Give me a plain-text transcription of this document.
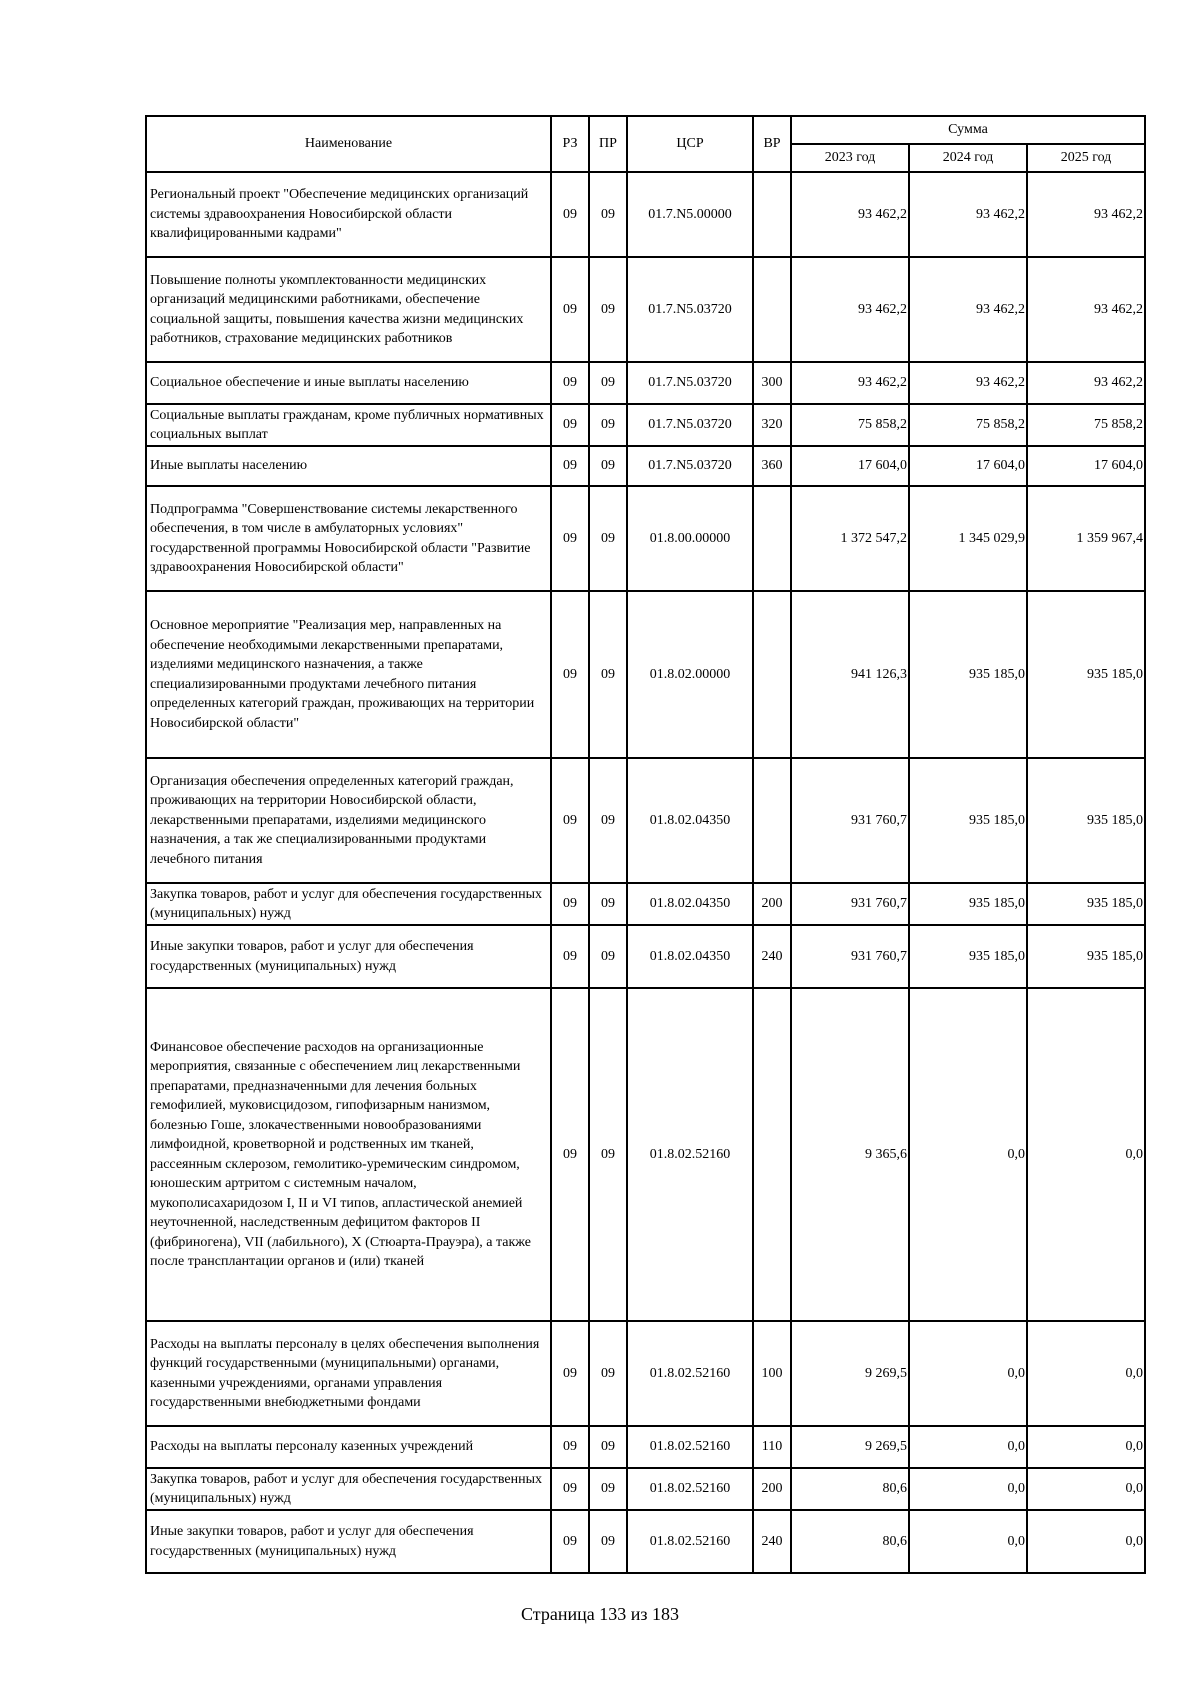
Наименование	РЗ	ПР	ЦСР	ВР	Сумма		
					2023 год	2024 год	2025 год
Региональный проект "Обеспечение медицинских организаций системы здравоохранения Новосибирской области квалифицированными кадрами"	09	09	01.7.N5.00000		93 462,2	93 462,2	93 462,2
Повышение полноты укомплектованности медицинских организаций медицинскими работниками, обеспечение социальной защиты, повышения качества жизни медицинских работников, страхование медицинских работников	09	09	01.7.N5.03720		93 462,2	93 462,2	93 462,2
Социальное обеспечение и иные выплаты населению	09	09	01.7.N5.03720	300	93 462,2	93 462,2	93 462,2
Социальные выплаты гражданам, кроме публичных нормативных социальных выплат	09	09	01.7.N5.03720	320	75 858,2	75 858,2	75 858,2
Иные выплаты населению	09	09	01.7.N5.03720	360	17 604,0	17 604,0	17 604,0
Подпрограмма "Совершенствование системы лекарственного обеспечения, в том числе в амбулаторных условиях" государственной программы Новосибирской области "Развитие здравоохранения Новосибирской области"	09	09	01.8.00.00000		1 372 547,2	1 345 029,9	1 359 967,4
Основное мероприятие "Реализация мер, направленных на обеспечение необходимыми лекарственными препаратами, изделиями медицинского назначения, а также специализированными продуктами лечебного питания определенных категорий граждан, проживающих на территории Новосибирской области"	09	09	01.8.02.00000		941 126,3	935 185,0	935 185,0
Организация обеспечения определенных категорий граждан, проживающих на территории Новосибирской области, лекарственными препаратами, изделиями медицинского назначения, а так же специализированными продуктами лечебного питания	09	09	01.8.02.04350		931 760,7	935 185,0	935 185,0
Закупка товаров, работ и услуг для обеспечения государственных (муниципальных) нужд	09	09	01.8.02.04350	200	931 760,7	935 185,0	935 185,0
Иные закупки товаров, работ и услуг для обеспечения государственных (муниципальных) нужд	09	09	01.8.02.04350	240	931 760,7	935 185,0	935 185,0
Финансовое обеспечение расходов на организационные мероприятия, связанные с обеспечением лиц лекарственными препаратами, предназначенными для лечения больных гемофилией, муковисцидозом, гипофизарным нанизмом, болезнью Гоше, злокачественными новообразованиями лимфоидной, кроветворной и родственных им тканей, рассеянным склерозом, гемолитико-уремическим синдромом, юношеским артритом с системным началом, мукополисахаридозом I, II и VI типов, апластической анемией неуточненной, наследственным дефицитом факторов II (фибриногена), VII (лабильного), X (Стюарта-Прауэра), а также после трансплантации органов и (или) тканей	09	09	01.8.02.52160		9 365,6	0,0	0,0
Расходы на выплаты персоналу в целях обеспечения выполнения функций государственными (муниципальными) органами, казенными учреждениями, органами управления государственными внебюджетными фондами	09	09	01.8.02.52160	100	9 269,5	0,0	0,0
Расходы на выплаты персоналу казенных учреждений	09	09	01.8.02.52160	110	9 269,5	0,0	0,0
Закупка товаров, работ и услуг для обеспечения государственных (муниципальных) нужд	09	09	01.8.02.52160	200	80,6	0,0	0,0
Иные закупки товаров, работ и услуг для обеспечения государственных (муниципальных) нужд	09	09	01.8.02.52160	240	80,6	0,0	0,0
Страница 133 из 183
